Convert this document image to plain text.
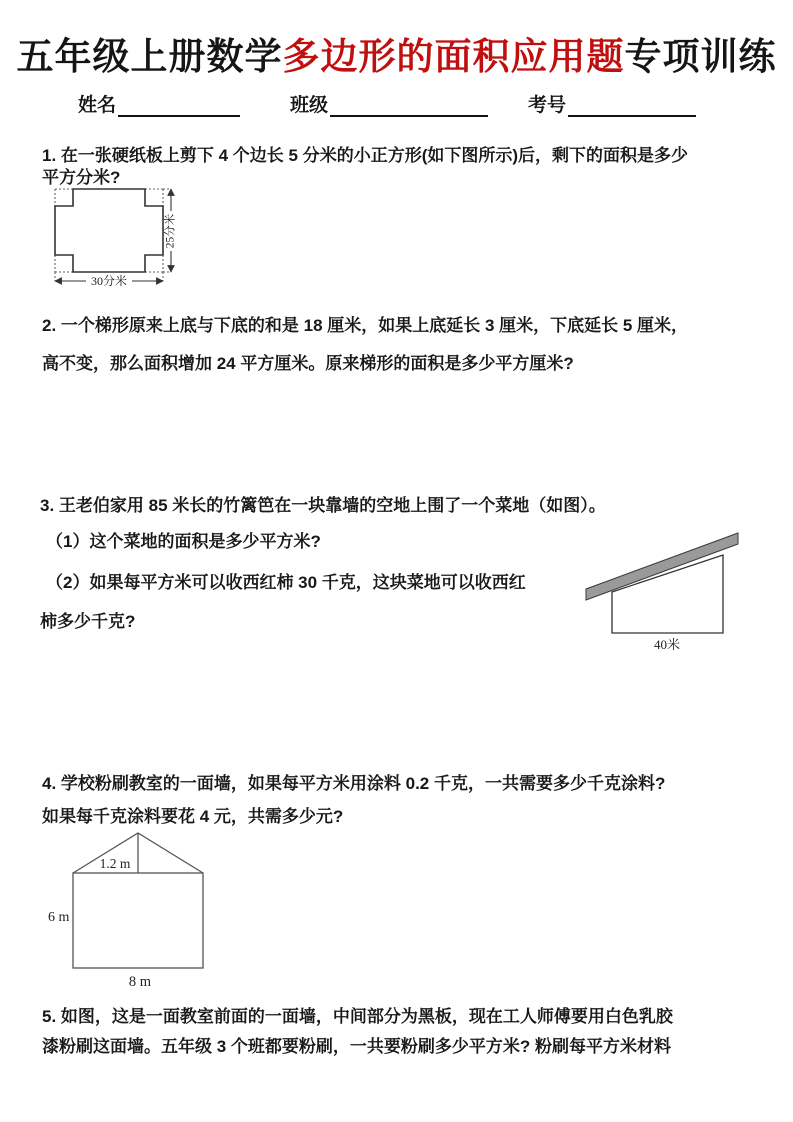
五年级上册数学多边形的面积应用题专项训练
姓名	班级	考号
1. 在一张硬纸板上剪下 4 个边长 5 分米的小正方形(如下图所示)后，剩下的面积是多少
平方分米?
25分米
30分米
2. 一个梯形原来上底与下底的和是 18 厘米，如果上底延长 3 厘米，下底延长 5 厘米，
高不变，那么面积增加 24 平方厘米。原来梯形的面积是多少平方厘米?
3. 王老伯家用 85 米长的竹篱笆在一块靠墙的空地上围了一个菜地（如图）。
（1）这个菜地的面积是多少平方米?
（2）如果每平方米可以收西红柿 30 千克，这块菜地可以收西红
柿多少千克?
40米
4. 学校粉刷教室的一面墙，如果每平方米用涂料 0.2 千克，一共需要多少千克涂料?
如果每千克涂料要花 4 元，共需多少元?
1.2 m
6 m
8 m
5. 如图，这是一面教室前面的一面墙，中间部分为黑板，现在工人师傅要用白色乳胶
漆粉刷这面墙。五年级 3 个班都要粉刷，一共要粉刷多少平方米? 粉刷每平方米材料
